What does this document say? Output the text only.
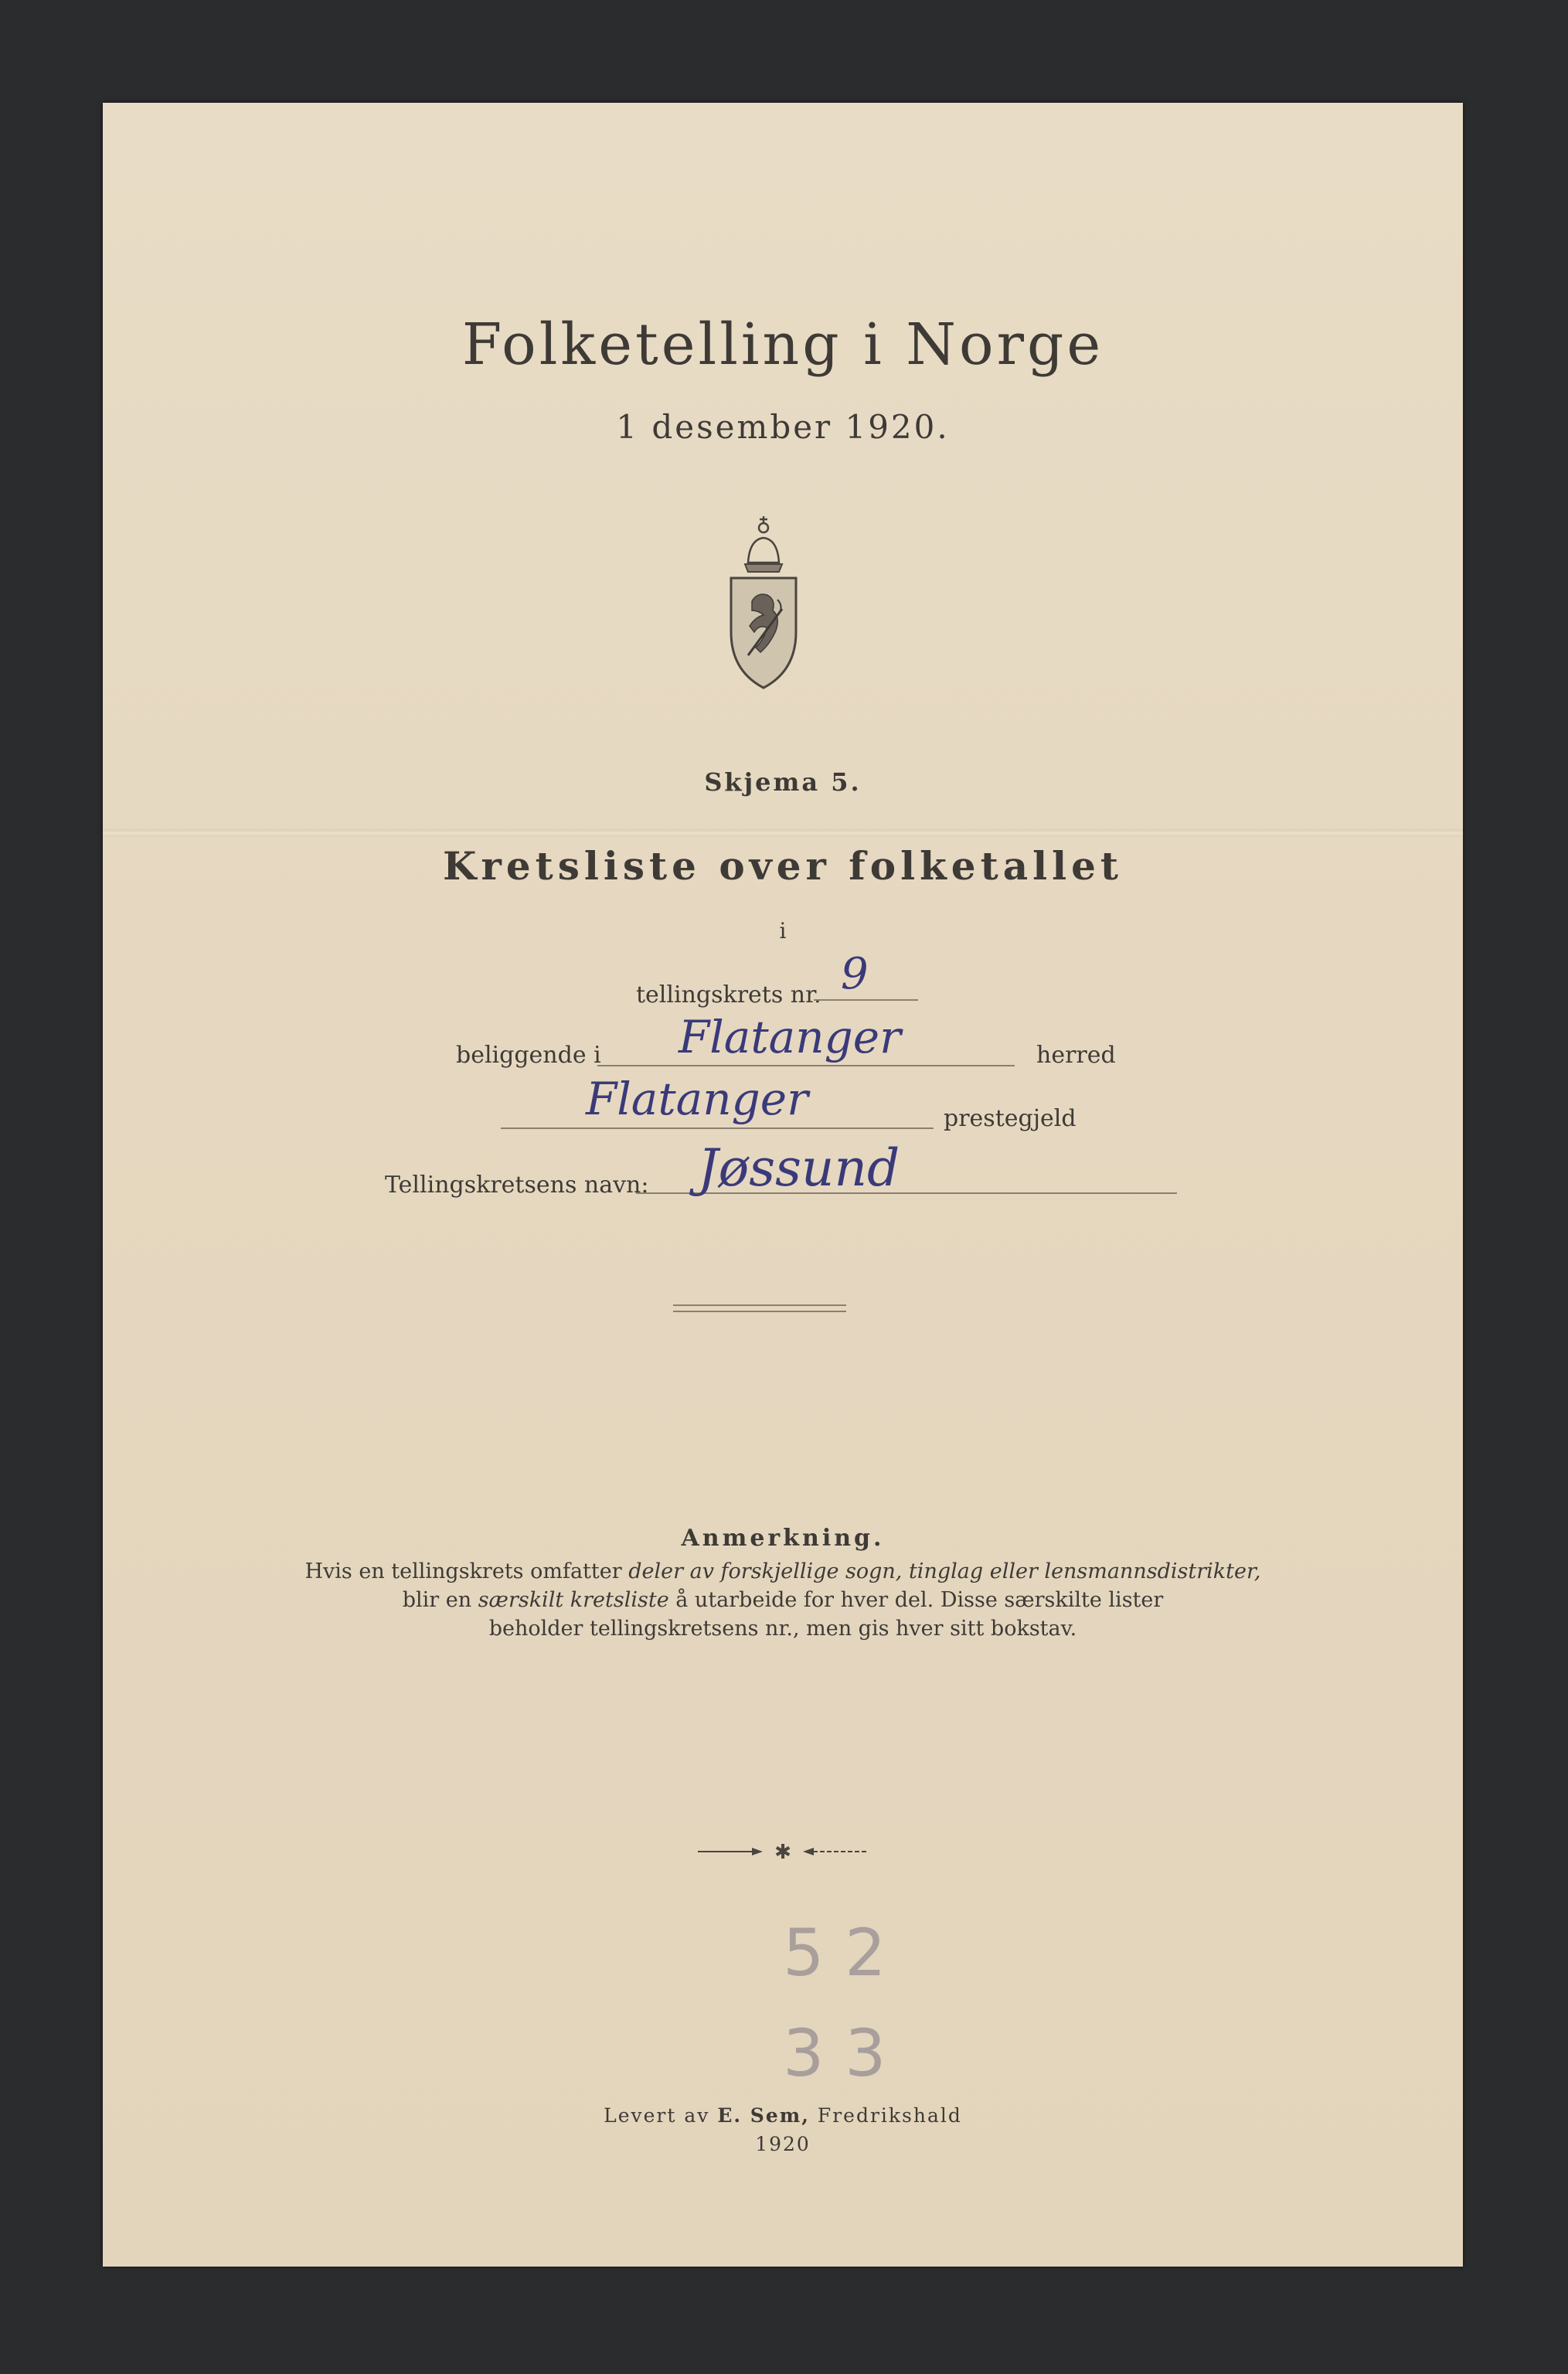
Folketelling i Norge
1 desember 1920.
Skjema 5.
Kretsliste over folketallet
i
tellingskrets nr. 9
beliggende i Flatanger	herred
Flatanger	prestegjeld
Tellingskretsens navn: Jøssund
Anmerkning.
Hvis en tellingskrets omfatter deler av forskjellige sogn, tinglag eller lensmannsdistrikter,
blir en særskilt kretsliste å utarbeide for hver del. Disse særskilte lister
beholder tellingskretsens nr., men gis hver sitt bokstav.
✱
5 2
3 3
Levert av E. Sem, Fredrikshald
1920
